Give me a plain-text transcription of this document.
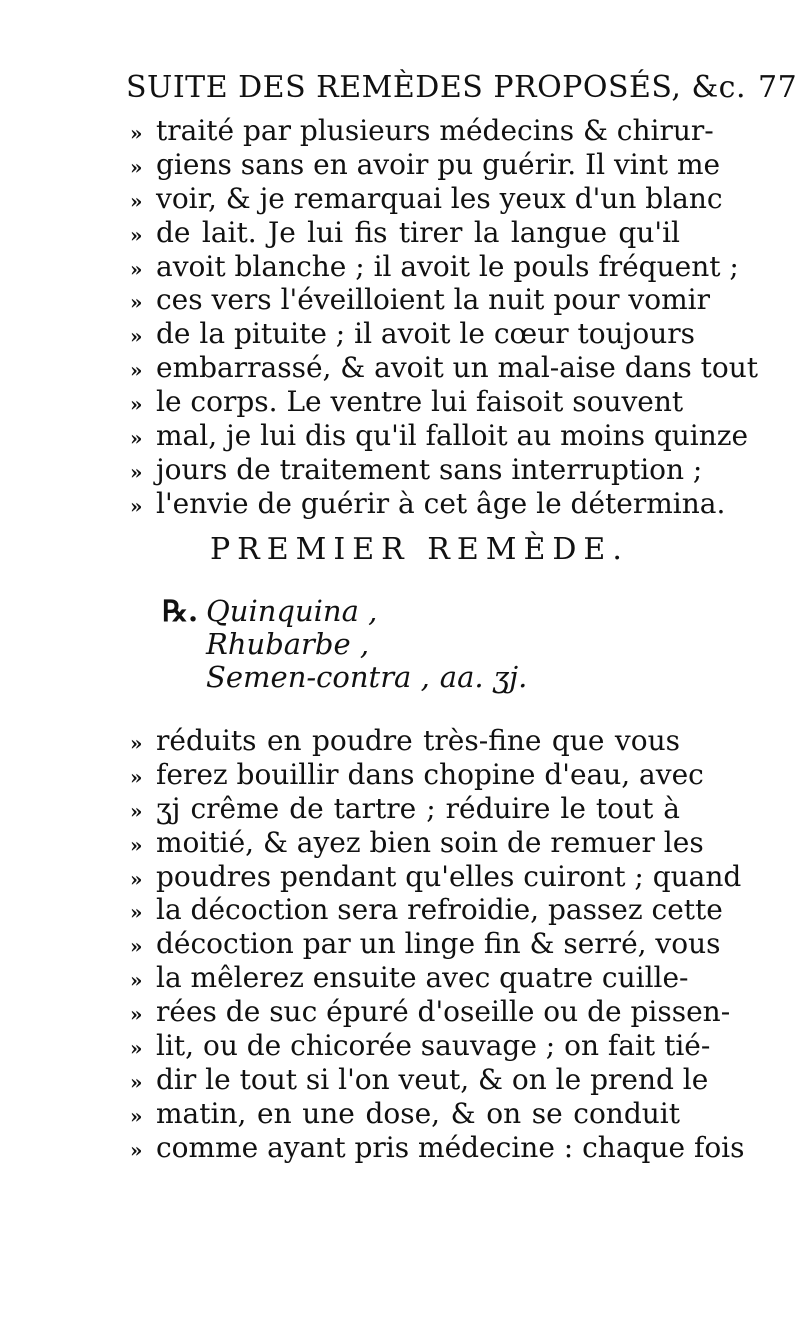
SUITE DES REMÈDES PROPOSÉS, &c. 77
» traité par plusieurs médecins & chirur-
» giens sans en avoir pu guérir. Il vint me
» voir, & je remarquai les yeux d'un blanc
» de lait. Je lui fis tirer la langue qu'il
» avoit blanche ; il avoit le pouls fréquent ;
» ces vers l'éveilloient la nuit pour vomir
» de la pituite ; il avoit le cœur toujours
» embarrassé, & avoit un mal-aise dans tout
» le corps. Le ventre lui faisoit souvent
» mal, je lui dis qu'il falloit au moins quinze
» jours de traitement sans interruption ;
» l'envie de guérir à cet âge le détermina.
PREMIER REMÈDE.
℞. Quinquina ,
Rhubarbe ,
Semen-contra , aa. ʒj.
» réduits en poudre très-fine que vous
» ferez bouillir dans chopine d'eau, avec
» ʒj crême de tartre ; réduire le tout à
» moitié, & ayez bien soin de remuer les
» poudres pendant qu'elles cuiront ; quand
» la décoction sera refroidie, passez cette
» décoction par un linge fin & serré, vous
» la mêlerez ensuite avec quatre cuille-
» rées de suc épuré d'oseille ou de pissen-
» lit, ou de chicorée sauvage ; on fait tié-
» dir le tout si l'on veut, & on le prend le
» matin, en une dose, & on se conduit
» comme ayant pris médecine : chaque fois
